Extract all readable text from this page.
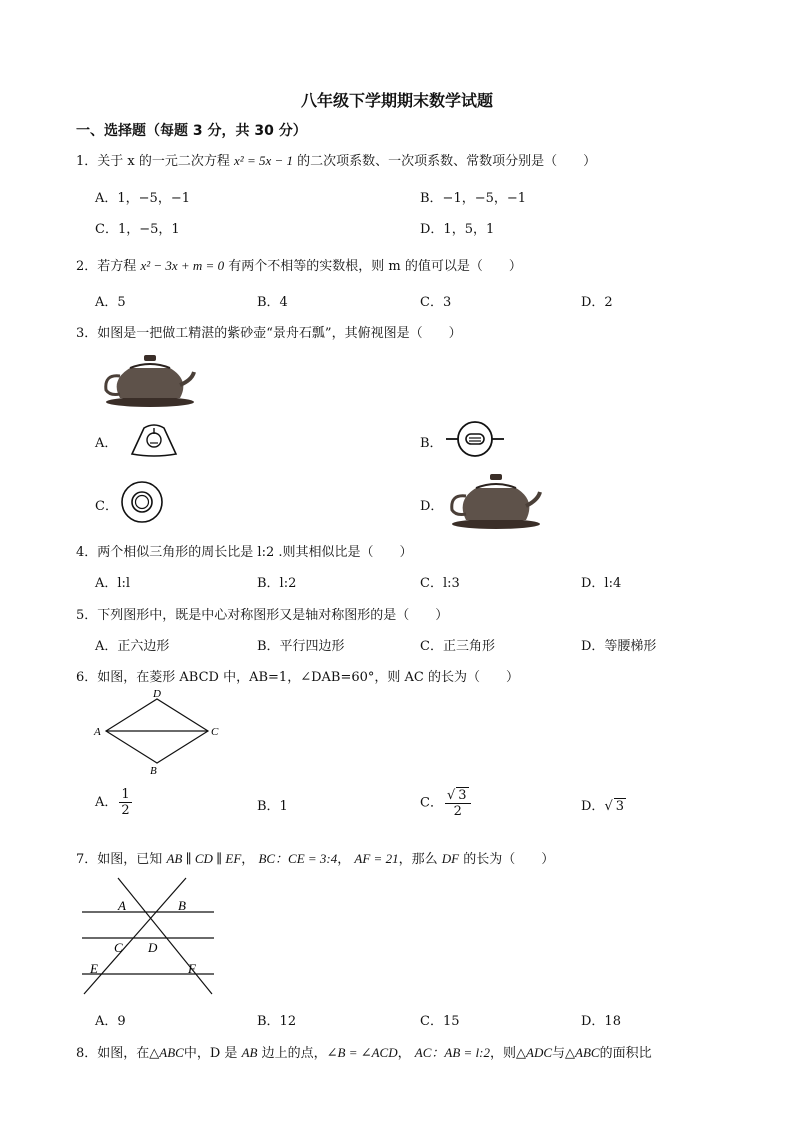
八年级下学期期末数学试题
一、选择题（每题 3 分，共 30 分）
1．关于 x 的一元二次方程 x² = 5x − 1 的二次项系数、一次项系数、常数项分别是（　　）
A．1，−5，−1	B．−1，−5，−1
C．1，−5，1	D．1，5，1
2．若方程 x² − 3x + m = 0 有两个不相等的实数根，则 m 的值可以是（　　）
A．5	B．4	C．3	D．2
3．如图是一把做工精湛的紫砂壶“景舟石瓢”，其俯视图是（　　）
A．	B．
C．	D．
4．两个相似三角形的周长比是 l:2 .则其相似比是（　　）
A．l:l	B．l:2	C．l:3	D．l:4
5．下列图形中，既是中心对称图形又是轴对称图形的是（　　）
A．正六边形	B．平行四边形	C．正三角形	D．等腰梯形
6．如图，在菱形 ABCD 中，AB=1，∠DAB=60°，则 AC 的长为（　　）
D
A	C
B
A． $\frac{1}{2}$	B．1	C． $\frac{√ 3}{2}$	D．√ 3
7．如图，已知 AB ∥ CD ∥ EF， BC：CE = 3:4， AF = 21，那么 DF 的长为（　　）
A	B
C D
E	F
A．9	B．12	C．15	D．18
8．如图，在△ABC中，D 是 AB 边上的点，∠B = ∠ACD， AC：AB = l:2，则△ADC与△ABC的面积比
